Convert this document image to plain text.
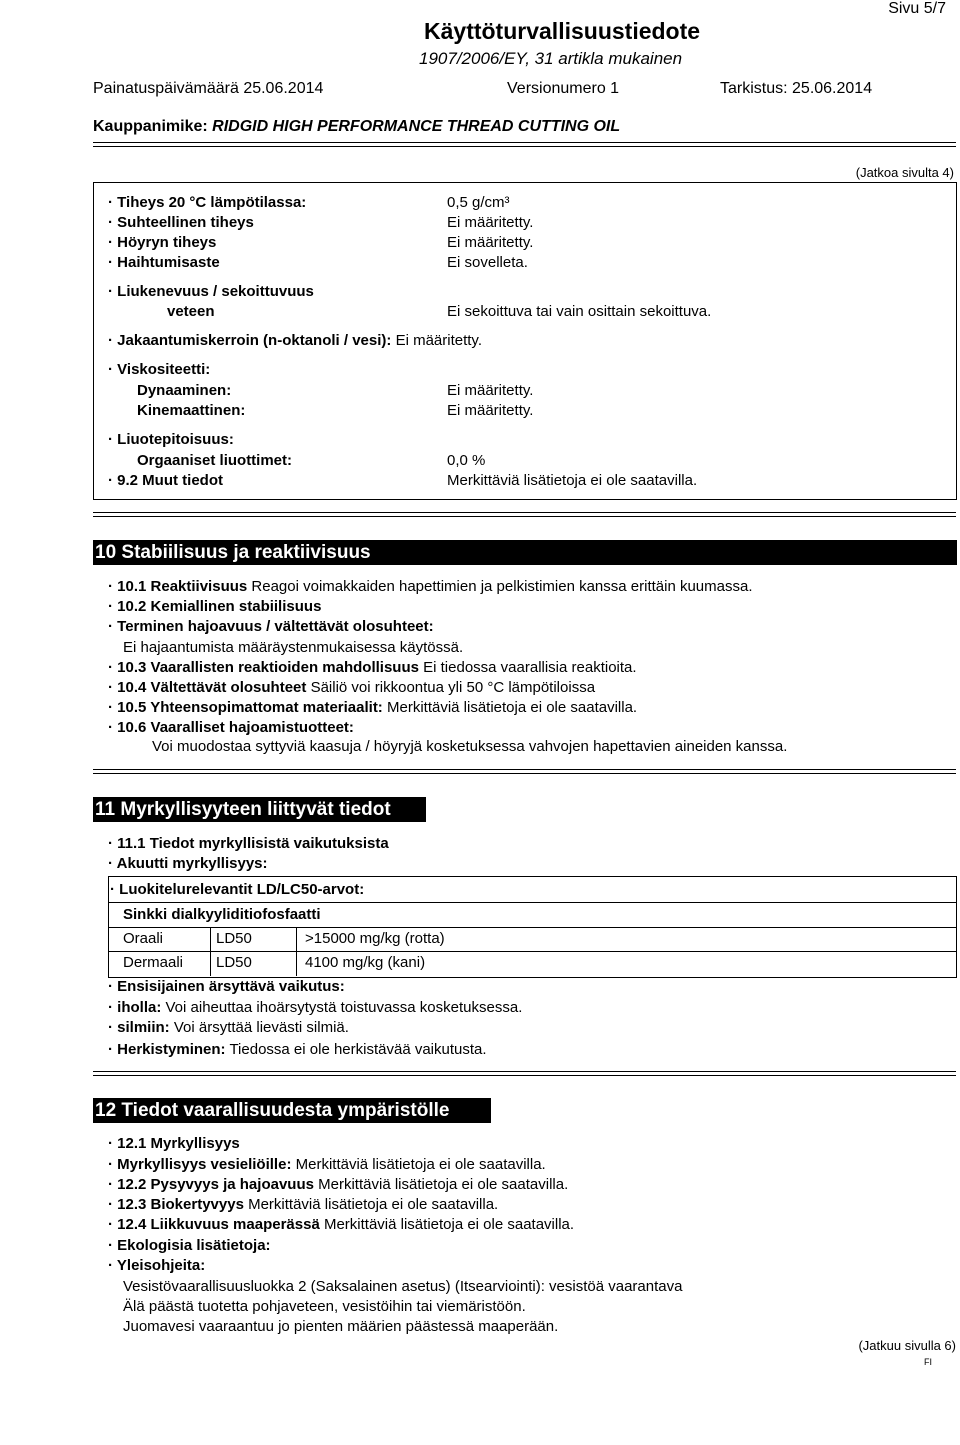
Sivu 5/7
Käyttöturvallisuustiedote
1907/2006/EY, 31 artikla mukainen
Painatuspäivämäärä 25.06.2014	Versionumero 1	Tarkistus: 25.06.2014
Kauppanimike: RIDGID HIGH PERFORMANCE THREAD CUTTING OIL
(Jatkoa sivulta 4)
· Tiheys 20 °C lämpötilassa:	0,5 g/cm³
· Suhteellinen tiheys	Ei määritetty.
· Höyryn tiheys	Ei määritetty.
· Haihtumisaste	Ei sovelleta.
· Liukenevuus / sekoittuvuus
veteen	Ei sekoittuva tai vain osittain sekoittuva.
· Jakaantumiskerroin (n-oktanoli / vesi): Ei määritetty.
· Viskositeetti:
Dynaaminen:	Ei määritetty.
Kinemaattinen:	Ei määritetty.
· Liuotepitoisuus:
Orgaaniset liuottimet:	0,0 %
· 9.2 Muut tiedot	Merkittäviä lisätietoja ei ole saatavilla.
10 Stabiilisuus ja reaktiivisuus
· 10.1 Reaktiivisuus Reagoi voimakkaiden hapettimien ja pelkistimien kanssa erittäin kuumassa.
· 10.2 Kemiallinen stabiilisuus
· Terminen hajoavuus / vältettävät olosuhteet:
Ei hajaantumista määräystenmukaisessa käytössä.
· 10.3 Vaarallisten reaktioiden mahdollisuus Ei tiedossa vaarallisia reaktioita.
· 10.4 Vältettävät olosuhteet Säiliö voi rikkoontua yli 50 °C lämpötiloissa
· 10.5 Yhteensopimattomat materiaalit: Merkittäviä lisätietoja ei ole saatavilla.
· 10.6 Vaaralliset hajoamistuotteet:
Voi muodostaa syttyviä kaasuja / höyryjä kosketuksessa vahvojen hapettavien aineiden kanssa.
11 Myrkyllisyyteen liittyvät tiedot
· 11.1 Tiedot myrkyllisistä vaikutuksista
· Akuutti myrkyllisyys:
· Luokitelurelevantit LD/LC50-arvot:
Sinkki dialkyyliditiofosfaatti
Oraali	LD50	>15000 mg/kg (rotta)
Dermaali LD50	4100 mg/kg (kani)
· Ensisijainen ärsyttävä vaikutus:
· iholla: Voi aiheuttaa ihoärsytystä toistuvassa kosketuksessa.
· silmiin: Voi ärsyttää lievästi silmiä.
· Herkistyminen: Tiedossa ei ole herkistävää vaikutusta.
12 Tiedot vaarallisuudesta ympäristölle
· 12.1 Myrkyllisyys
· Myrkyllisyys vesieliöille: Merkittäviä lisätietoja ei ole saatavilla.
· 12.2 Pysyvyys ja hajoavuus Merkittäviä lisätietoja ei ole saatavilla.
· 12.3 Biokertyvyys Merkittäviä lisätietoja ei ole saatavilla.
· 12.4 Liikkuvuus maaperässä Merkittäviä lisätietoja ei ole saatavilla.
· Ekologisia lisätietoja:
· Yleisohjeita:
Vesistövaarallisuusluokka 2 (Saksalainen asetus) (Itsearviointi): vesistöä vaarantava
Älä päästä tuotetta pohjaveteen, vesistöihin tai viemäristöön.
Juomavesi vaaraantuu jo pienten määrien päästessä maaperään.
(Jatkuu sivulla 6)
FI
